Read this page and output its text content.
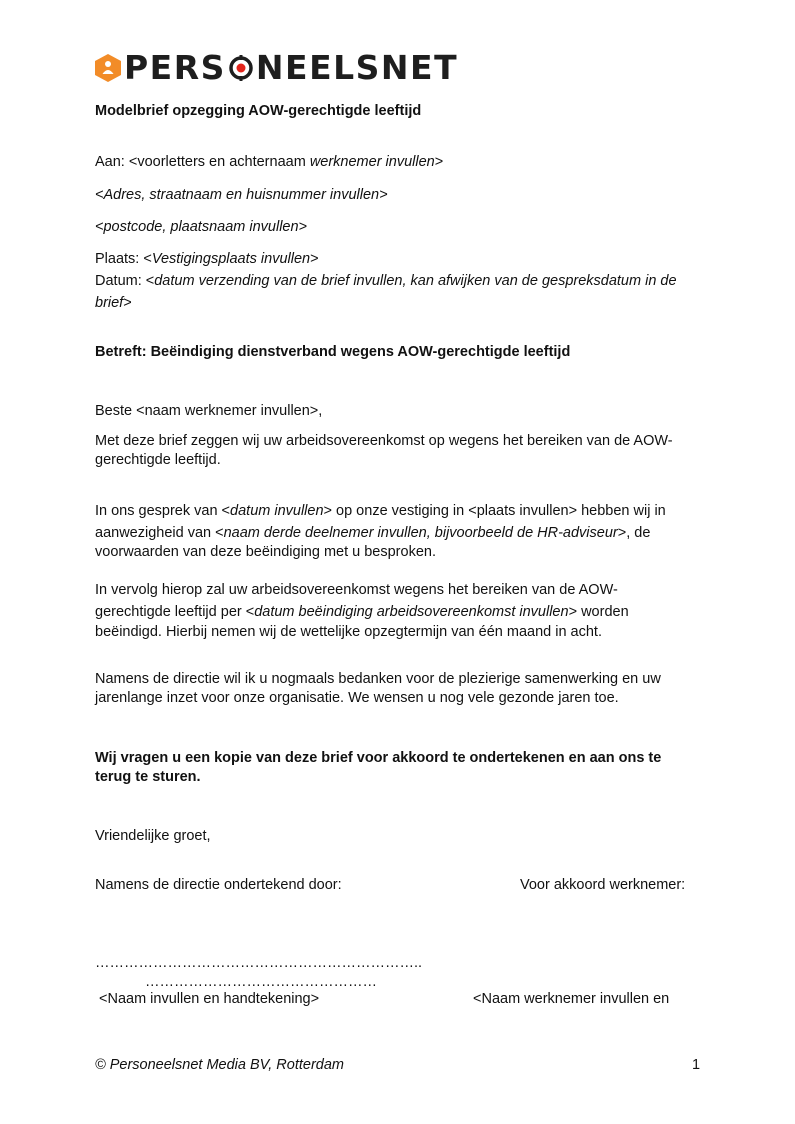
PERS NEELSNET
Modelbrief opzegging AOW-gerechtigde leeftijd
Aan: <voorletters en achternaam werknemer invullen>
<Adres, straatnaam en huisnummer invullen>
<postcode, plaatsnaam invullen>
Plaats: <Vestigingsplaats invullen>
Datum: <datum verzending van de brief invullen, kan afwijken van de gespreksdatum in de
brief>
Betreft: Beëindiging dienstverband wegens AOW-gerechtigde leeftijd
Beste <naam werknemer invullen>,
Met deze brief zeggen wij uw arbeidsovereenkomst op wegens het bereiken van de AOW-
gerechtigde leeftijd.
In ons gesprek van <datum invullen> op onze vestiging in <plaats invullen> hebben wij in
aanwezigheid van <naam derde deelnemer invullen, bijvoorbeeld de HR-adviseur>, de
voorwaarden van deze beëindiging met u besproken.
In vervolg hierop zal uw arbeidsovereenkomst wegens het bereiken van de AOW-
gerechtigde leeftijd per <datum beëindiging arbeidsovereenkomst invullen> worden
beëindigd. Hierbij nemen wij de wettelijke opzegtermijn van één maand in acht.
Namens de directie wil ik u nogmaals bedanken voor de plezierige samenwerking en uw
jarenlange inzet voor onze organisatie. We wensen u nog vele gezonde jaren toe.
Wij vragen u een kopie van deze brief voor akkoord te ondertekenen en aan ons te
terug te sturen.
Vriendelijke groet,
Namens de directie ondertekend door:	Voor akkoord werknemer:
…………………………………………………………..
…………………………………………
<Naam invullen en handtekening>	<Naam werknemer invullen en
© Personeelsnet Media BV, Rotterdam	1
